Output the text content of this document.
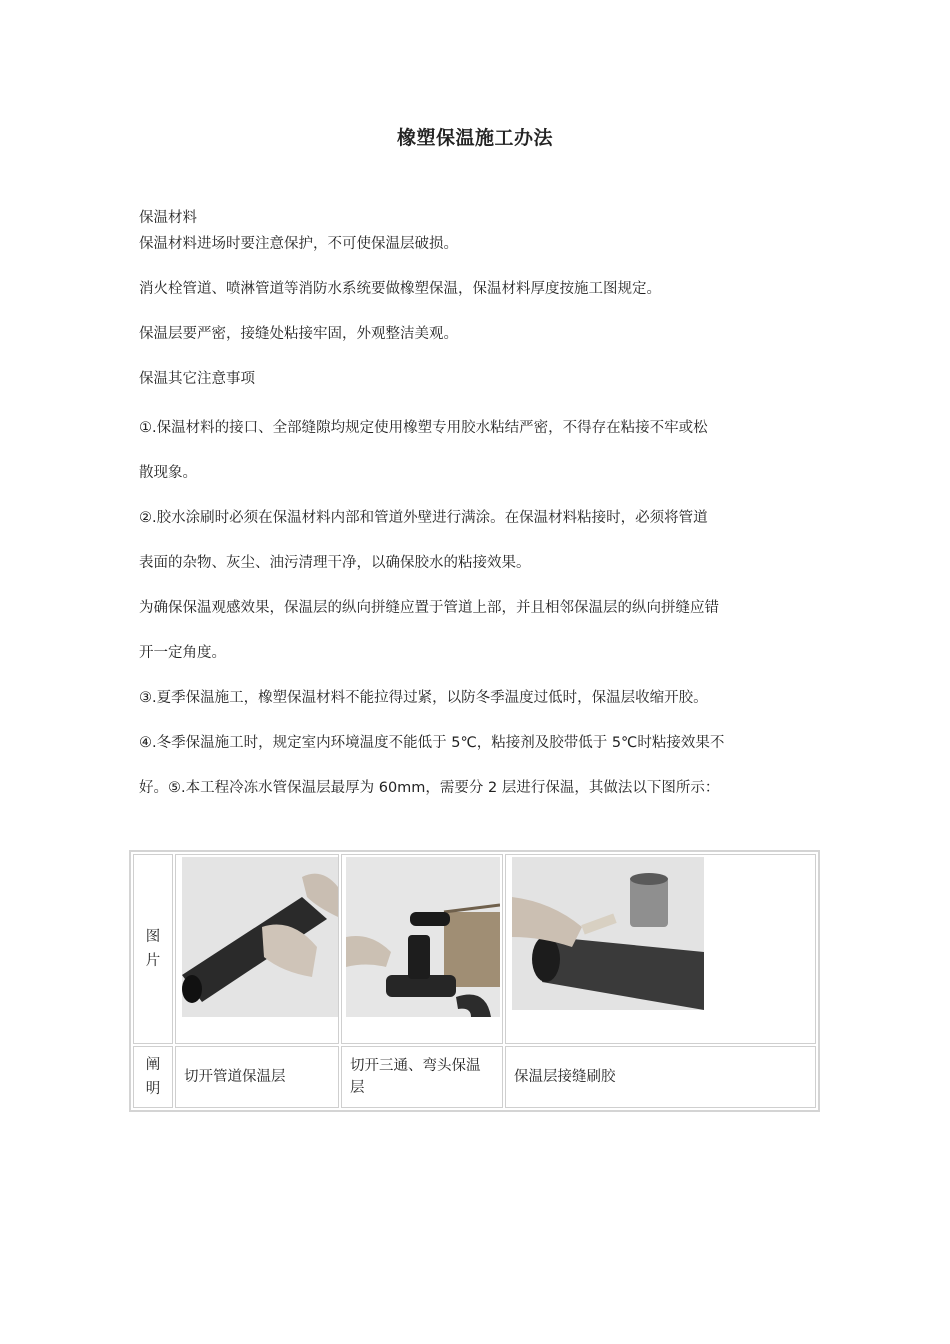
橡塑保温施工办法
保温材料
保温材料进场时要注意保护，不可使保温层破损。
消火栓管道、喷淋管道等消防水系统要做橡塑保温，保温材料厚度按施工图规定。
保温层要严密，接缝处粘接牢固，外观整洁美观。
保温其它注意事项
①.保温材料的接口、全部缝隙均规定使用橡塑专用胶水粘结严密，不得存在粘接不牢或松
散现象。
②.胶水涂刷时必须在保温材料内部和管道外壁进行满涂。在保温材料粘接时，必须将管道
表面的杂物、灰尘、油污清理干净，以确保胶水的粘接效果。
为确保保温观感效果，保温层的纵向拼缝应置于管道上部，并且相邻保温层的纵向拼缝应错
开一定角度。
③.夏季保温施工，橡塑保温材料不能拉得过紧，以防冬季温度过低时，保温层收缩开胶。
④.冬季保温施工时，规定室内环境温度不能低于 5℃，粘接剂及胶带低于 5℃时粘接效果不
好。⑤.本工程冷冻水管保温层最厚为 60mm，需要分 2 层进行保温，其做法以下图所示：
图片

阐明	切开管道保温层	切开三通、弯头保温层	保温层接缝刷胶
